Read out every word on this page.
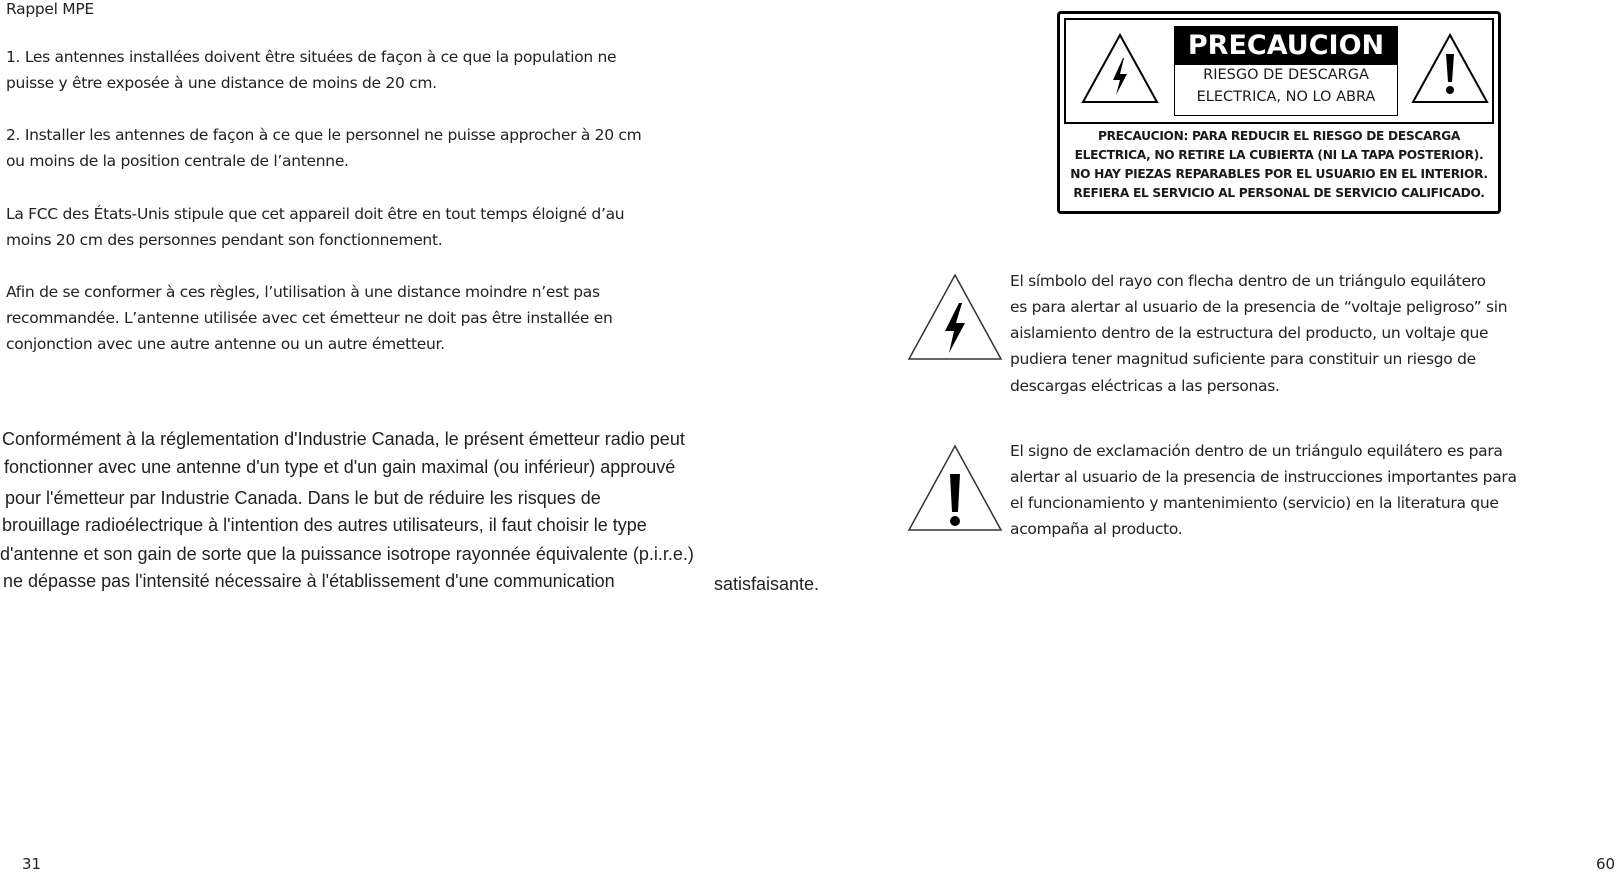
Rappel MPE
1. Les antennes installées doivent être situées de façon à ce que la population ne
puisse y être exposée à une distance de moins de 20 cm.
2. Installer les antennes de façon à ce que le personnel ne puisse approcher à 20 cm
ou moins de la position centrale de l’antenne.
La FCC des États-Unis stipule que cet appareil doit être en tout temps éloigné d’au
moins 20 cm des personnes pendant son fonctionnement.
Afin de se conformer à ces règles, l’utilisation à une distance moindre n’est pas
recommandée. L’antenne utilisée avec cet émetteur ne doit pas être installée en
conjonction avec une autre antenne ou un autre émetteur.
Conformément à la réglementation d'Industrie Canada, le présent émetteur radio peut
fonctionner avec une antenne d'un type et d'un gain maximal (ou inférieur) approuvé
pour l'émetteur par Industrie Canada. Dans le but de réduire les risques de
brouillage radioélectrique à l'intention des autres utilisateurs, il faut choisir le type
d'antenne et son gain de sorte que la puissance isotrope rayonnée équivalente (p.i.r.e.)
ne dépasse pas l'intensité nécessaire à l'établissement d'une communication	satisfaisante.
31
PRECAUCION
RIESGO DE DESCARGA
ELECTRICA, NO LO ABRA
PRECAUCION: PARA REDUCIR EL RIESGO DE DESCARGA
ELECTRICA, NO RETIRE LA CUBIERTA (NI LA TAPA POSTERIOR).
NO HAY PIEZAS REPARABLES POR EL USUARIO EN EL INTERIOR.
REFIERA EL SERVICIO AL PERSONAL DE SERVICIO CALIFICADO.
El símbolo del rayo con flecha dentro de un triángulo equilátero
es para alertar al usuario de la presencia de “voltaje peligroso” sin
aislamiento dentro de la estructura del producto, un voltaje que
pudiera tener magnitud suficiente para constituir un riesgo de
descargas eléctricas a las personas.
El signo de exclamación dentro de un triángulo equilátero es para
alertar al usuario de la presencia de instrucciones importantes para
el funcionamiento y mantenimiento (servicio) en la literatura que
acompaña al producto.
60
